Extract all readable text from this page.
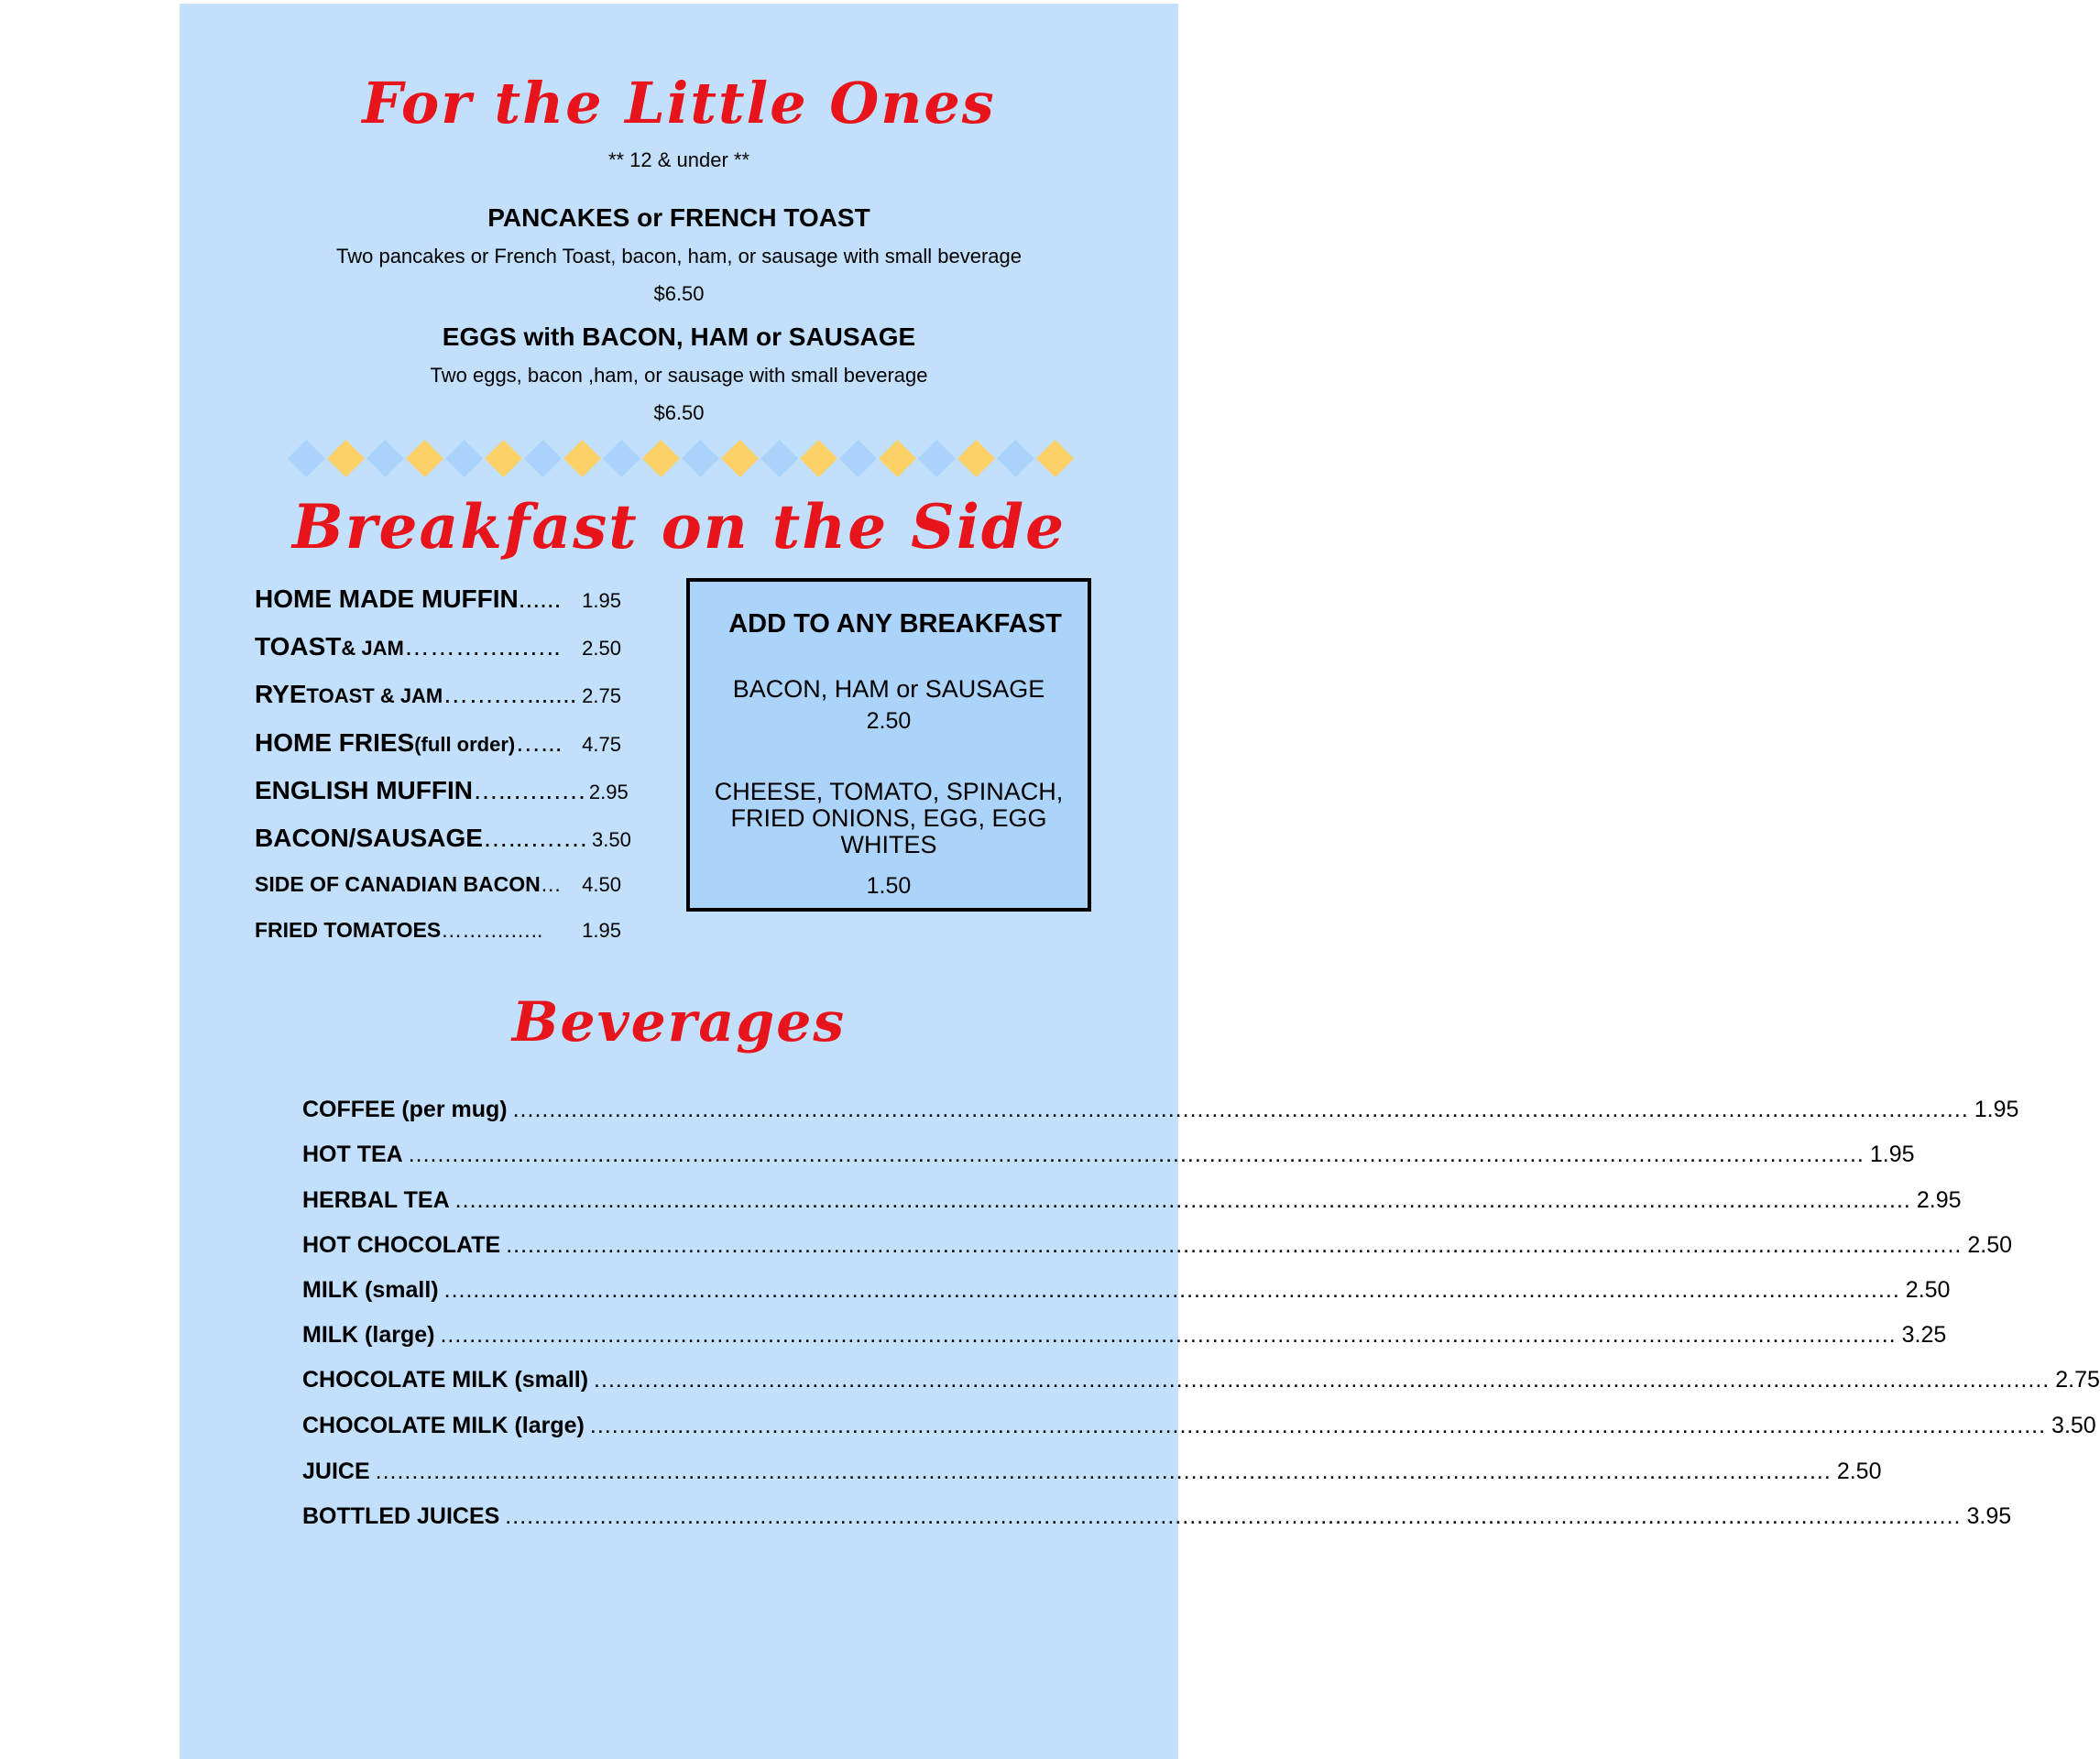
For the Little Ones
** 12 & under **
PANCAKES or FRENCH TOAST
Two pancakes or French Toast, bacon, ham, or sausage with small beverage
$6.50
EGGS with BACON, HAM or SAUSAGE
Two eggs, bacon ,ham, or sausage with small beverage
$6.50
Breakfast on the Side
HOME MADE MUFFIN ......	1.95
TOAST & JAM …………..…..	2.50
RYE TOAST & JAM …….…....... 2.75
HOME FRIES (full order) …... 4.75
ENGLISH MUFFIN …..…..…. 2.95
BACON/SAUSAGE …...….… 3.50
SIDE OF CANADIAN BACON …	4.50
FRIED TOMATOES ……….…..	1.95
ADD TO ANY BREAKFAST
BACON, HAM or SAUSAGE
2.50
CHEESE, TOMATO, SPINACH,
FRIED ONIONS, EGG, EGG
WHITES
1.50
Beverages
COFFEE (per mug) ........................................................................................................................................................................................................ 1.95
HOT TEA ........................................................................................................................................................................................................ 1.95
HERBAL TEA ........................................................................................................................................................................................................ 2.95
HOT CHOCOLATE ........................................................................................................................................................................................................ 2.50
MILK (small) ........................................................................................................................................................................................................ 2.50
MILK (large) ........................................................................................................................................................................................................ 3.25
CHOCOLATE MILK (small) ........................................................................................................................................................................................................ 2.75
CHOCOLATE MILK (large) ........................................................................................................................................................................................................ 3.50
JUICE ........................................................................................................................................................................................................ 2.50
BOTTLED JUICES ........................................................................................................................................................................................................ 3.95
